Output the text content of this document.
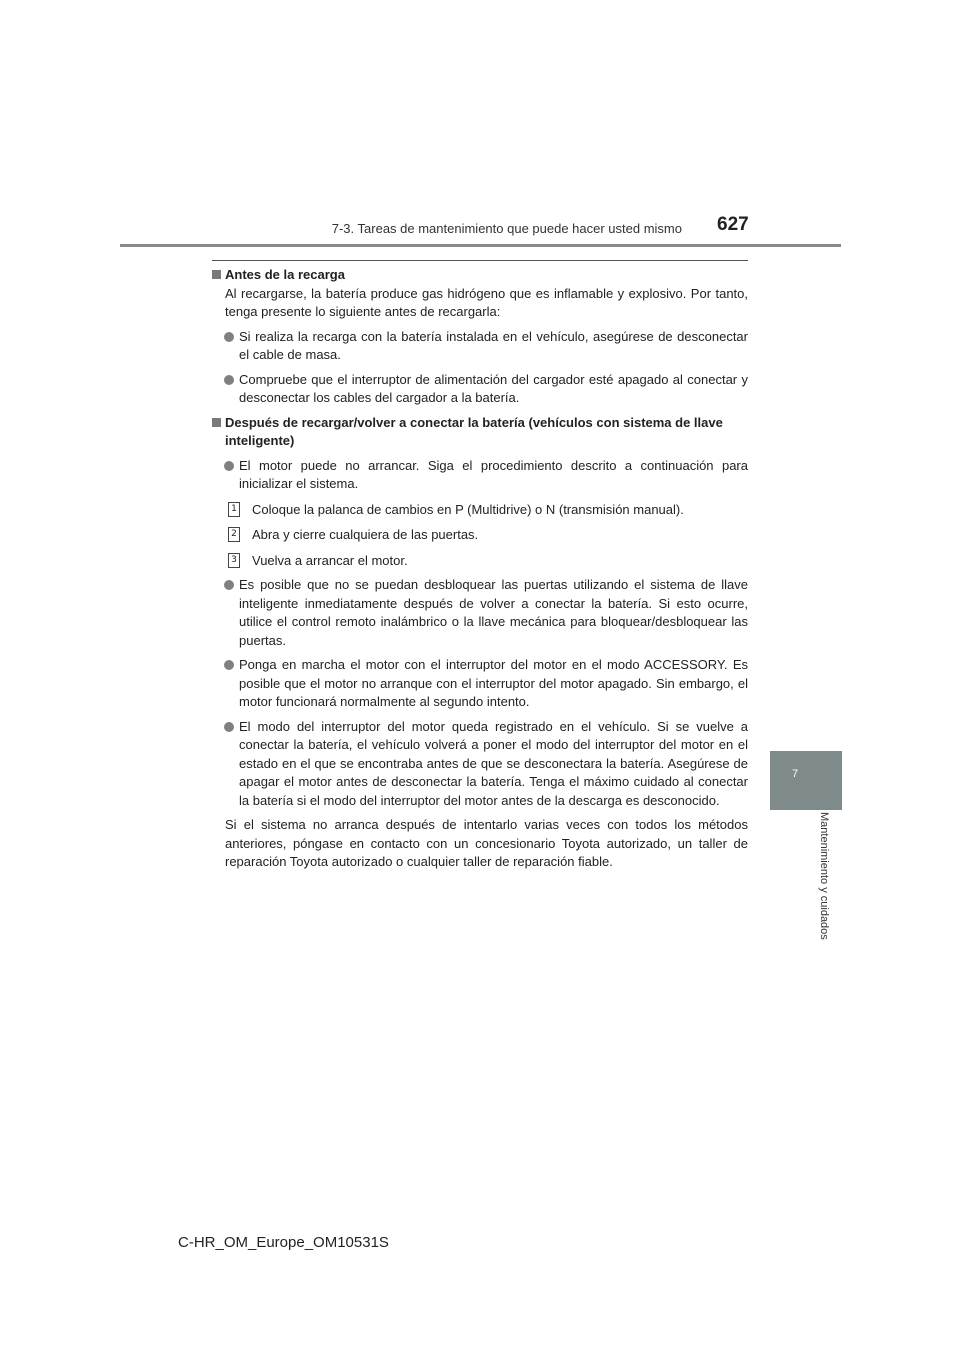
7-3. Tareas de mantenimiento que puede hacer usted mismo 627
7
Mantenimiento y cuidados
Antes de la recarga
Al recargarse, la batería produce gas hidrógeno que es inflamable y explosivo. Por tanto, tenga presente lo siguiente antes de recargarla:
Si realiza la recarga con la batería instalada en el vehículo, asegúrese de desconectar el cable de masa.
Compruebe que el interruptor de alimentación del cargador esté apagado al conectar y desconectar los cables del cargador a la batería.
Después de recargar/volver a conectar la batería (vehículos con sistema de llave inteligente)
El motor puede no arrancar. Siga el procedimiento descrito a continuación para inicializar el sistema.
1 Coloque la palanca de cambios en P (Multidrive) o N (transmisión manual).
2 Abra y cierre cualquiera de las puertas.
3 Vuelva a arrancar el motor.
Es posible que no se puedan desbloquear las puertas utilizando el sistema de llave inteligente inmediatamente después de volver a conectar la batería. Si esto ocurre, utilice el control remoto inalámbrico o la llave mecánica para bloquear/desbloquear las puertas.
Ponga en marcha el motor con el interruptor del motor en el modo ACCESSORY. Es posible que el motor no arranque con el interruptor del motor apagado. Sin embargo, el motor funcionará normalmente al segundo intento.
El modo del interruptor del motor queda registrado en el vehículo. Si se vuelve a conectar la batería, el vehículo volverá a poner el modo del interruptor del motor en el estado en el que se encontraba antes de que se desconectara la batería. Asegúrese de apagar el motor antes de desconectar la batería. Tenga el máximo cuidado al conectar la batería si el modo del interruptor del motor antes de la descarga es desconocido.
Si el sistema no arranca después de intentarlo varias veces con todos los métodos anteriores, póngase en contacto con un concesionario Toyota autorizado, un taller de reparación Toyota autorizado o cualquier taller de reparación fiable.
C-HR_OM_Europe_OM10531S
